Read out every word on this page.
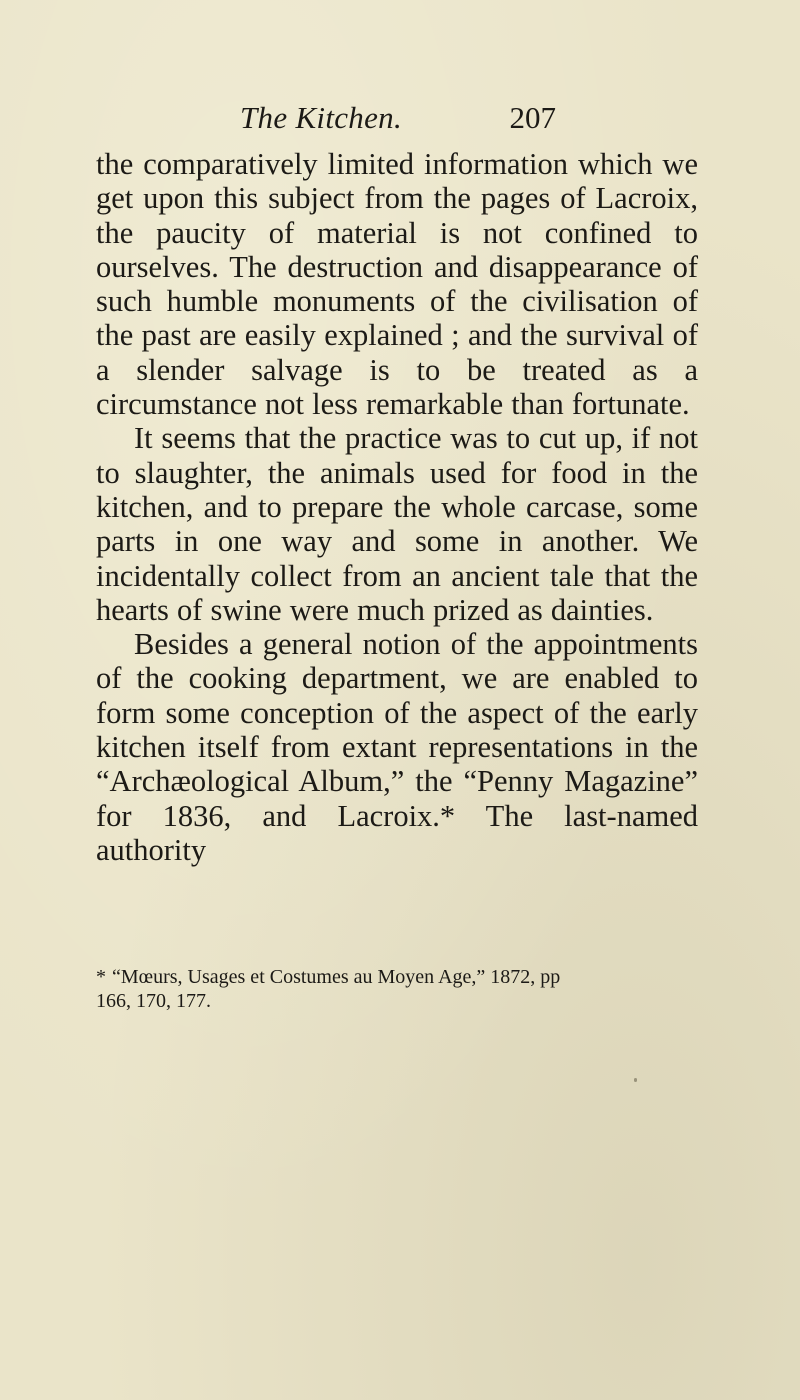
The Kitchen.	207

the comparatively limited information which we get upon this subject from the pages of Lacroix, the paucity of material is not confined to ourselves. The destruction and disappearance of such humble monuments of the civilisation of the past are easily explained ; and the survival of a slender salvage is to be treated as a circumstance not less remarkable than fortunate.

It seems that the practice was to cut up, if not to slaughter, the animals used for food in the kitchen, and to prepare the whole carcase, some parts in one way and some in another. We incidentally collect from an ancient tale that the hearts of swine were much prized as dainties.

Besides a general notion of the appointments of the cooking department, we are enabled to form some conception of the aspect of the early kitchen itself from extant representations in the “Archæological Album,” the “Penny Magazine” for 1836, and Lacroix.* The last-named authority

* “Mœurs, Usages et Costumes au Moyen Age,” 1872, pp
166, 170, 177.
